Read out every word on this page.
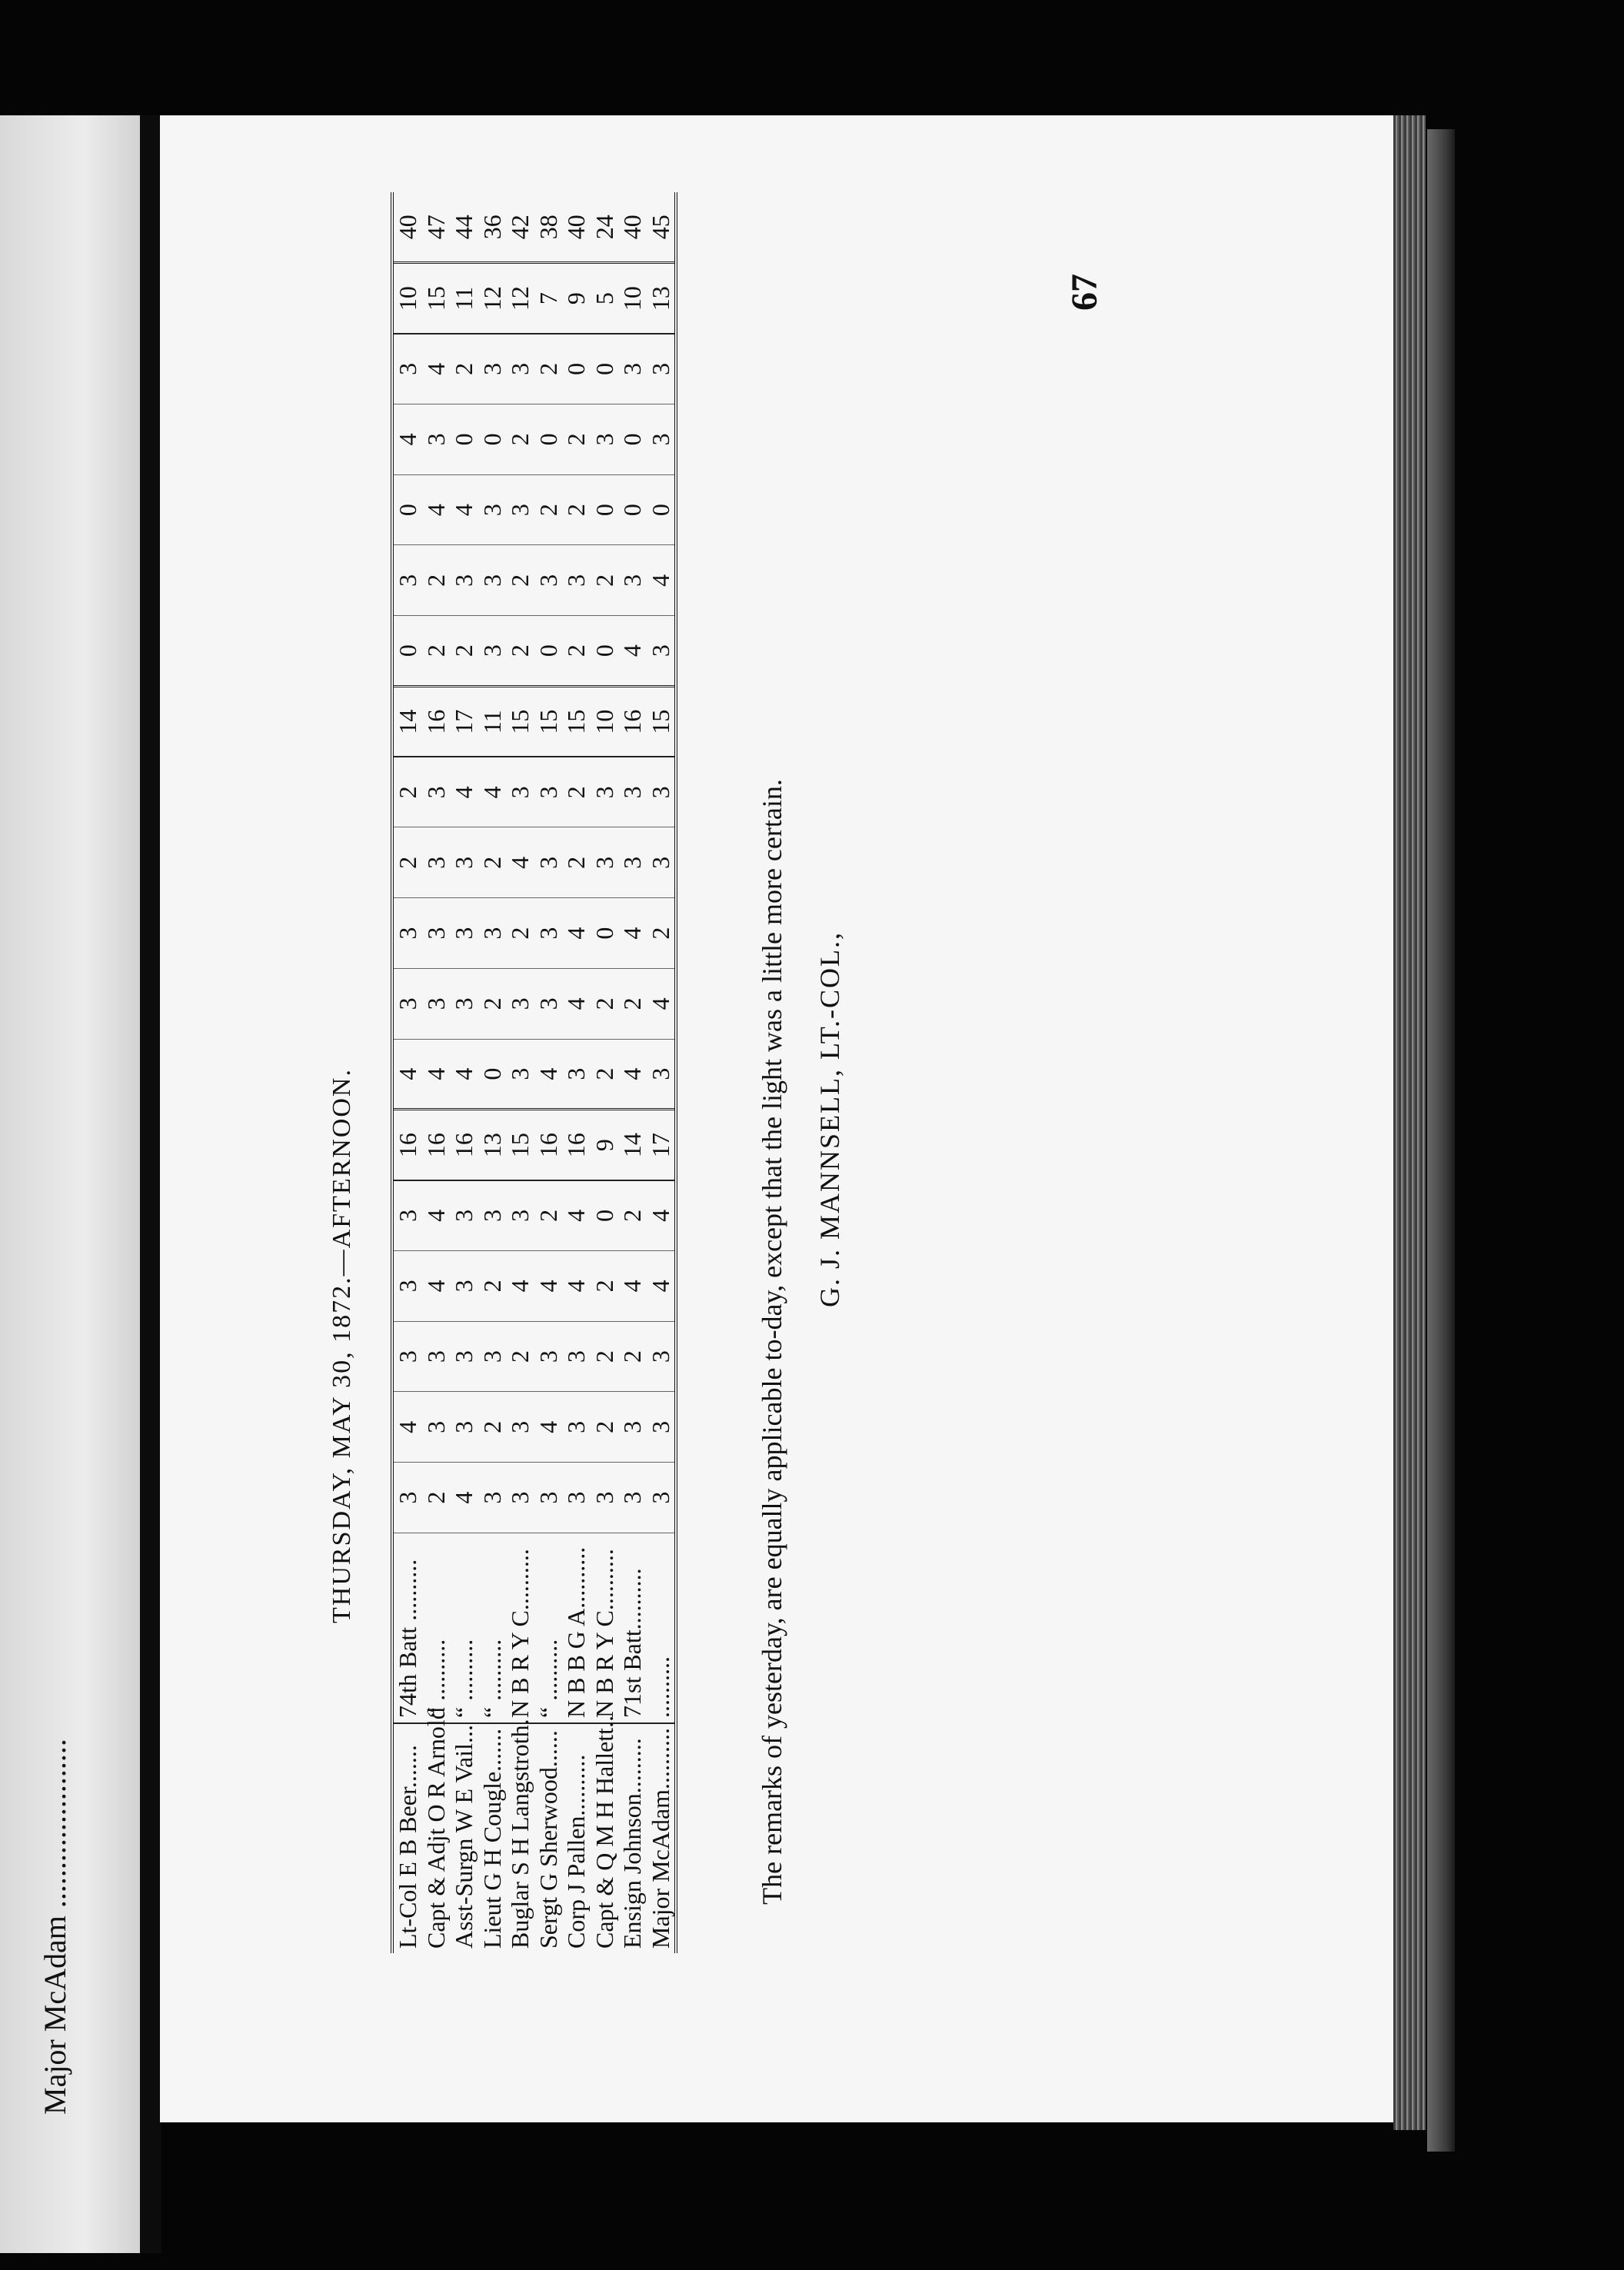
Major McAdam ......................
67
THURSDAY, MAY 30, 1872.—AFTERNOON.
Lt-Col E B Beer.......	74th Batt ..........	3	4	3	3	3	16	4	3	3	2	2	14	0	3	0	4	3	10	40
Capt & Adjt O R Arnold	“ ..........	2	3	3	4	4	16	4	3	3	3	3	16	2	2	4	3	4	15	47
Asst-Surgn W E Vail...	“ ..........	4	3	3	3	3	16	4	3	3	3	4	17	2	3	4	0	2	11	44
Lieut G H Cougle.......	“ ..........	3	2	3	2	3	13	0	2	3	2	4	11	3	3	3	0	3	12	36
Buglar S H Langstroth.	N B R Y C..........	3	3	2	4	3	15	3	3	2	4	3	15	2	2	3	2	3	12	42
Sergt G Sherwood......	“ ..........	3	4	3	4	2	16	4	3	3	3	3	15	0	3	2	0	2	7	38
Corp J Pallen..........	N B B G A..........	3	3	3	4	4	16	3	4	4	2	2	15	2	3	2	2	0	9	40
Capt & Q M H Hallett..	N B R Y C..........	3	2	2	2	0	9	2	2	0	3	3	10	0	2	0	3	0	5	24
Ensign Johnson.........	71st Batt..........	3	3	2	4	2	14	4	2	4	3	3	16	4	3	0	0	3	10	40
Major McAdam..........	..........	3	3	3	4	4	17	3	4	2	3	3	15	3	4	0	3	3	13	45
The remarks of yesterday, are equally applicable to-day, except that the light was a little more certain. G. J. MANNSELL, LT.-COL.,
